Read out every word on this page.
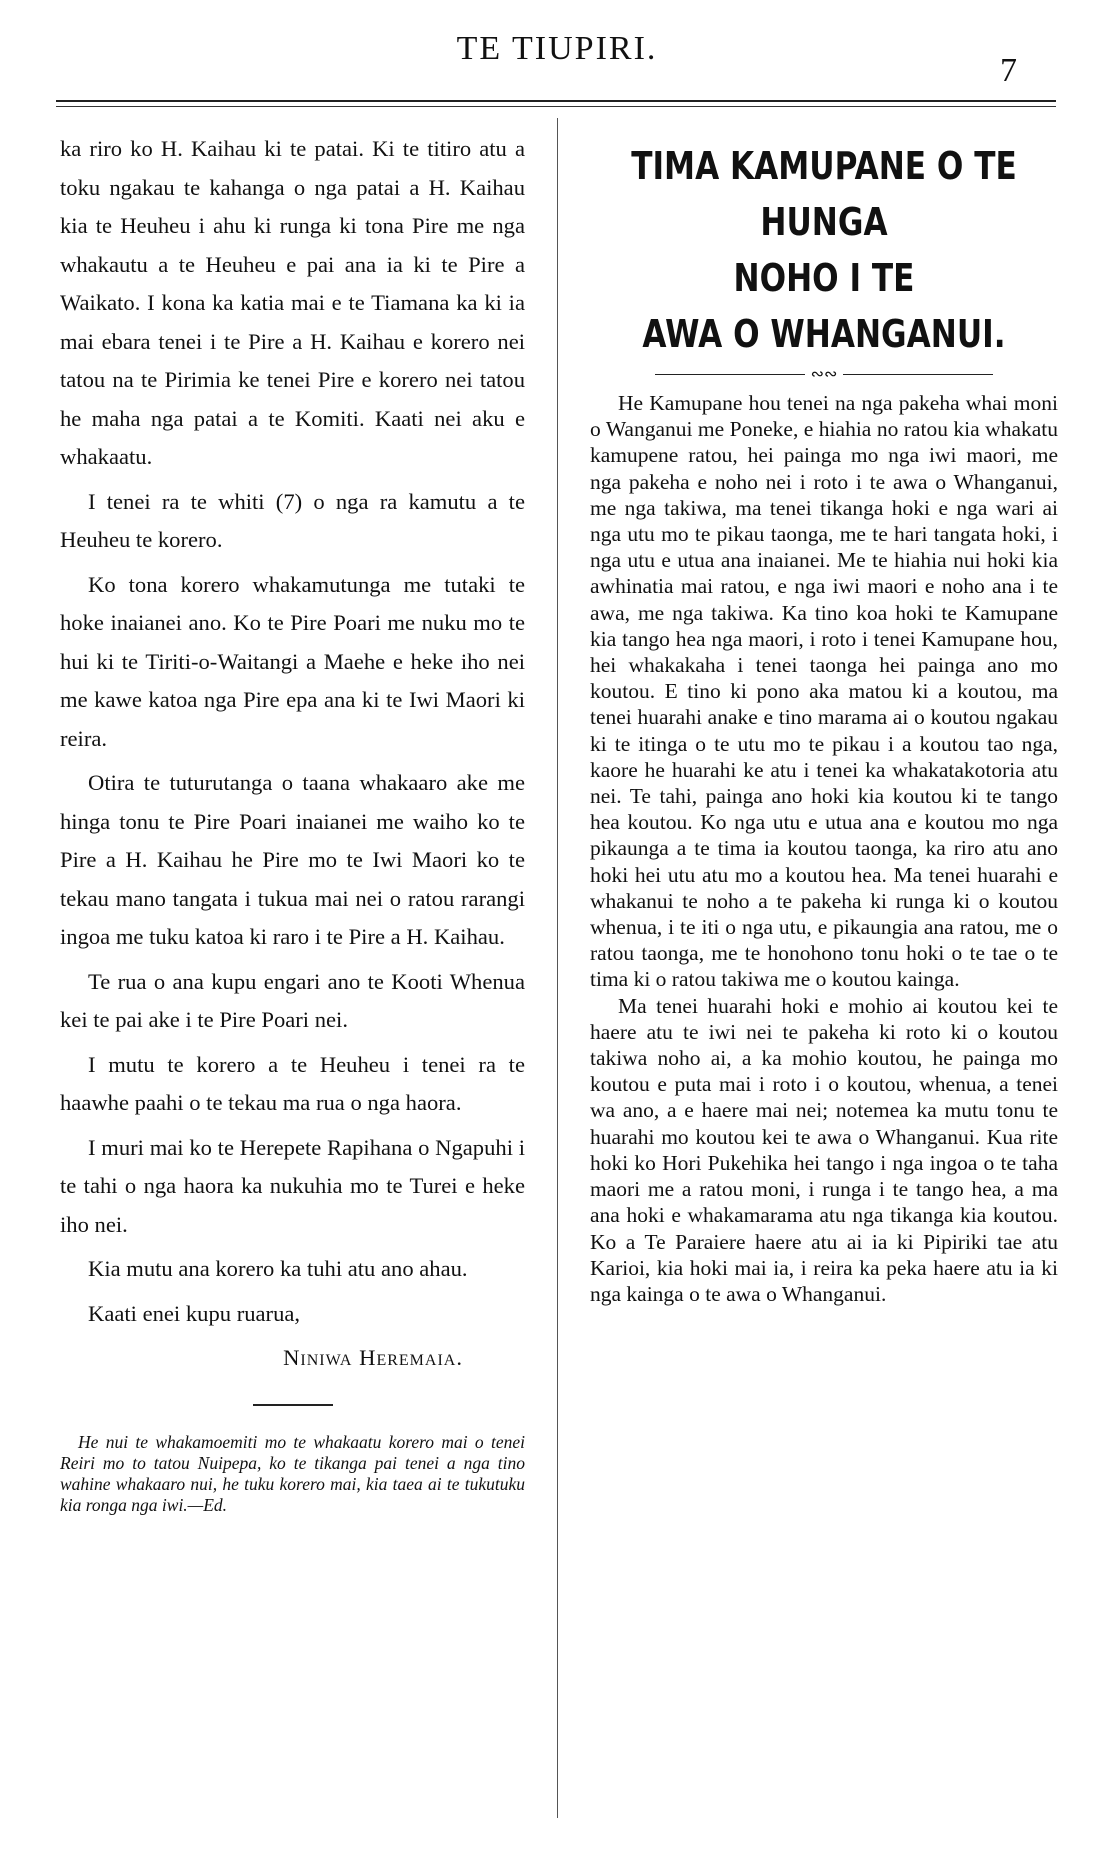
TE TIUPIRI.
7

ka riro ko H. Kaihau ki te patai. Ki te titiro atu a toku ngakau te kahanga o nga patai a H. Kaihau kia te Heuheu i ahu ki runga ki tona Pire me nga whakautu a te Heuheu e pai ana ia ki te Pire a Waikato. I kona ka katia mai e te Tiamana ka ki ia mai ebara tenei i te Pire a H. Kaihau e korero nei tatou na te Pirimia ke tenei Pire e korero nei tatou he maha nga patai a te Komiti. Kaati nei aku e whakaatu.

I tenei ra te whiti (7) o nga ra kamutu a te Heuheu te korero.

Ko tona korero whakamutunga me tutaki te hoke inaianei ano. Ko te Pire Poari me nuku mo te hui ki te Tiriti-o-Waitangi a Maehe e heke iho nei me kawe katoa nga Pire epa ana ki te Iwi Maori ki reira.

Otira te tuturutanga o taana whakaaro ake me hinga tonu te Pire Poari inaianei me waiho ko te Pire a H. Kaihau he Pire mo te Iwi Maori ko te tekau mano tangata i tukua mai nei o ratou rarangi ingoa me tuku katoa ki raro i te Pire a H. Kaihau.

Te rua o ana kupu engari ano te Kooti Whenua kei te pai ake i te Pire Poari nei.

I mutu te korero a te Heuheu i tenei ra te haawhe paahi o te tekau ma rua o nga haora.

I muri mai ko te Herepete Rapihana o Ngapuhi i te tahi o nga haora ka nukuhia mo te Turei e heke iho nei.

Kia mutu ana korero ka tuhi atu ano ahau.

Kaati enei kupu ruarua,

Niniwa Heremaia.
He nui te whakamoemiti mo te whakaatu korero mai o tenei Reiri mo to tatou Nuipepa, ko te tikanga pai tenei a nga tino wahine whakaaro nui, he tuku korero mai, kia taea ai te tukutuku kia ronga nga iwi.—Ed.
TIMA KAMUPANE O TE HUNGA
NOHO I TE
AWA O WHANGANUI.
∾∾

He Kamupane hou tenei na nga pakeha whai moni o Wanganui me Poneke, e hiahia no ratou kia whakatu kamupene ratou, hei painga mo nga iwi maori, me nga pakeha e noho nei i roto i te awa o Whanganui, me nga takiwa, ma tenei tikanga hoki e nga wari ai nga utu mo te pikau taonga, me te hari tangata hoki, i nga utu e utua ana inaianei. Me te hiahia nui hoki kia awhinatia mai ratou, e nga iwi maori e noho ana i te awa, me nga takiwa. Ka tino koa hoki te Kamupane kia tango hea nga maori, i roto i tenei Kamupane hou, hei whakakaha i tenei taonga hei painga ano mo koutou. E tino ki pono aka matou ki a koutou, ma tenei huarahi anake e tino marama ai o koutou ngakau ki te itinga o te utu mo te pikau i a koutou tao nga, kaore he huarahi ke atu i tenei ka whakatakotoria atu nei. Te tahi, painga ano hoki kia koutou ki te tango hea koutou. Ko nga utu e utua ana e koutou mo nga pikaunga a te tima ia koutou taonga, ka riro atu ano hoki hei utu atu mo a koutou hea. Ma tenei huarahi e whakanui te noho a te pakeha ki runga ki o koutou whenua, i te iti o nga utu, e pikaungia ana ratou, me o ratou taonga, me te honohono tonu hoki o te tae o te tima ki o ratou takiwa me o koutou kainga.

Ma tenei huarahi hoki e mohio ai koutou kei te haere atu te iwi nei te pakeha ki roto ki o koutou takiwa noho ai, a ka mohio koutou, he painga mo koutou e puta mai i roto i o koutou, whenua, a tenei wa ano, a e haere mai nei; notemea ka mutu tonu te huarahi mo koutou kei te awa o Whanganui. Kua rite hoki ko Hori Pukehika hei tango i nga ingoa o te taha maori me a ratou moni, i runga i te tango hea, a ma ana hoki e whakamarama atu nga tikanga kia koutou. Ko a Te Paraiere haere atu ai ia ki Pipiriki tae atu Karioi, kia hoki mai ia, i reira ka peka haere atu ia ki nga kainga o te awa o Whanganui.
